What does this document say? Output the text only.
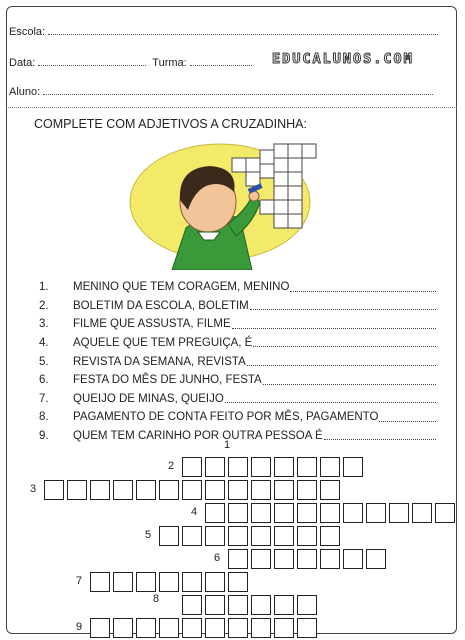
Escola:
Data:	Turma:	EDUCALUNOS.COM
Aluno:
COMPLETE COM ADJETIVOS A CRUZADINHA:
1.	MENINO QUE TEM CORAGEM, MENINO
2.	BOLETIM DA ESCOLA, BOLETIM
3.	FILME QUE ASSUSTA, FILME
4.	AQUELE QUE TEM PREGUIÇA, É
5.	REVISTA DA SEMANA, REVISTA
6.	FESTA DO MÊS DE JUNHO, FESTA
7.	QUEIJO DE MINAS, QUEIJO
8.	PAGAMENTO DE CONTA FEITO POR MÊS, PAGAMENTO
9.	QUEM TEM CARINHO POR OUTRA PESSOA É
1
2
3
4
5
6
7
8
9
